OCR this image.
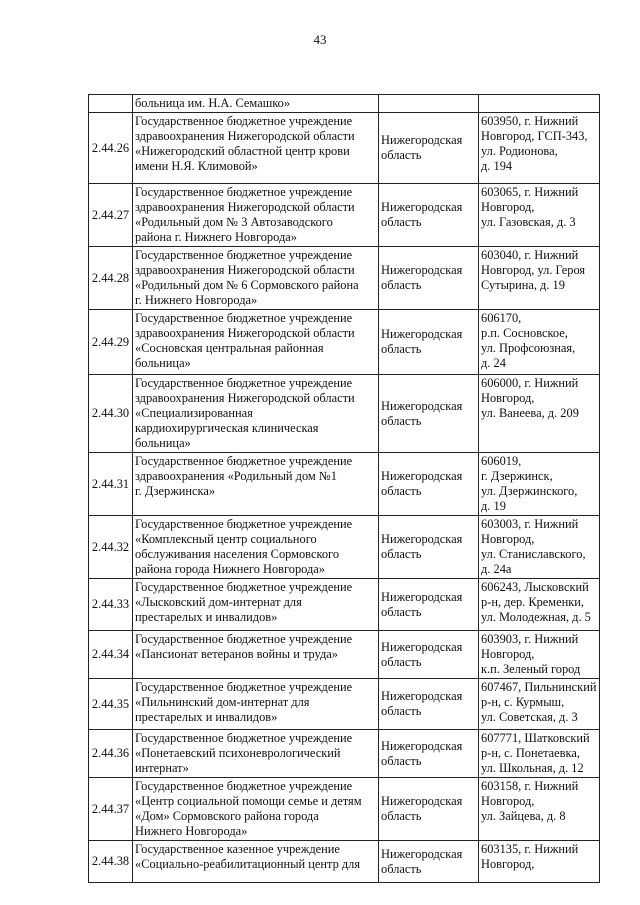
43
	больница им. Н.А. Семашко»		
2.44.26	Государственное бюджетное учреждение
здравоохранения Нижегородской области
«Нижегородский областной центр крови
имени Н.Я. Климовой»	Нижегородская
область	603950, г. Нижний
Новгород, ГСП-343,
ул. Родионова,
д. 194
2.44.27	Государственное бюджетное учреждение
здравоохранения Нижегородской области
«Родильный дом № 3 Автозаводского
района г. Нижнего Новгорода»	Нижегородская
область	603065, г. Нижний
Новгород,
ул. Газовская, д. 3
2.44.28	Государственное бюджетное учреждение
здравоохранения Нижегородской области
«Родильный дом № 6 Сормовского района
г. Нижнего Новгорода»	Нижегородская
область	603040, г. Нижний
Новгород, ул. Героя
Сутырина, д. 19
2.44.29	Государственное бюджетное учреждение
здравоохранения Нижегородской области
«Сосновская центральная районная
больница»	Нижегородская
область	606170,
р.п. Сосновское,
ул. Профсоюзная,
д. 24
2.44.30	Государственное бюджетное учреждение
здравоохранения Нижегородской области
«Специализированная
кардиохирургическая клиническая
больница»	Нижегородская
область	606000, г. Нижний
Новгород,
ул. Ванеева, д. 209
2.44.31	Государственное бюджетное учреждение
здравоохранения «Родильный дом №1
г. Дзержинска»	Нижегородская
область	606019,
г. Дзержинск,
ул. Дзержинского,
д. 19
2.44.32	Государственное бюджетное учреждение
«Комплексный центр социального
обслуживания населения Сормовского
района города Нижнего Новгорода»	Нижегородская
область	603003, г. Нижний
Новгород,
ул. Станиславского,
д. 24а
2.44.33	Государственное бюджетное учреждение
«Лысковский дом-интернат для
престарелых и инвалидов»	Нижегородская
область	606243, Лысковский
р-н, дер. Кременки,
ул. Молодежная, д. 5
2.44.34	Государственное бюджетное учреждение
«Пансионат ветеранов войны и труда»	Нижегородская
область	603903, г. Нижний
Новгород,
к.п. Зеленый город
2.44.35	Государственное бюджетное учреждение
«Пильнинский дом-интернат для
престарелых и инвалидов»	Нижегородская
область	607467, Пильнинский
р-н, с. Курмыш,
ул. Советская, д. 3
2.44.36	Государственное бюджетное учреждение
«Понетаевский психоневрологический
интернат»	Нижегородская
область	607771, Шатковский
р-н, с. Понетаевка,
ул. Школьная, д. 12
2.44.37	Государственное бюджетное учреждение
«Центр социальной помощи семье и детям
«Дом» Сормовского района города
Нижнего Новгорода»	Нижегородская
область	603158, г. Нижний
Новгород,
ул. Зайцева, д. 8
2.44.38	Государственное казенное учреждение
«Социально-реабилитационный центр для	Нижегородская
область	603135, г. Нижний
Новгород,
